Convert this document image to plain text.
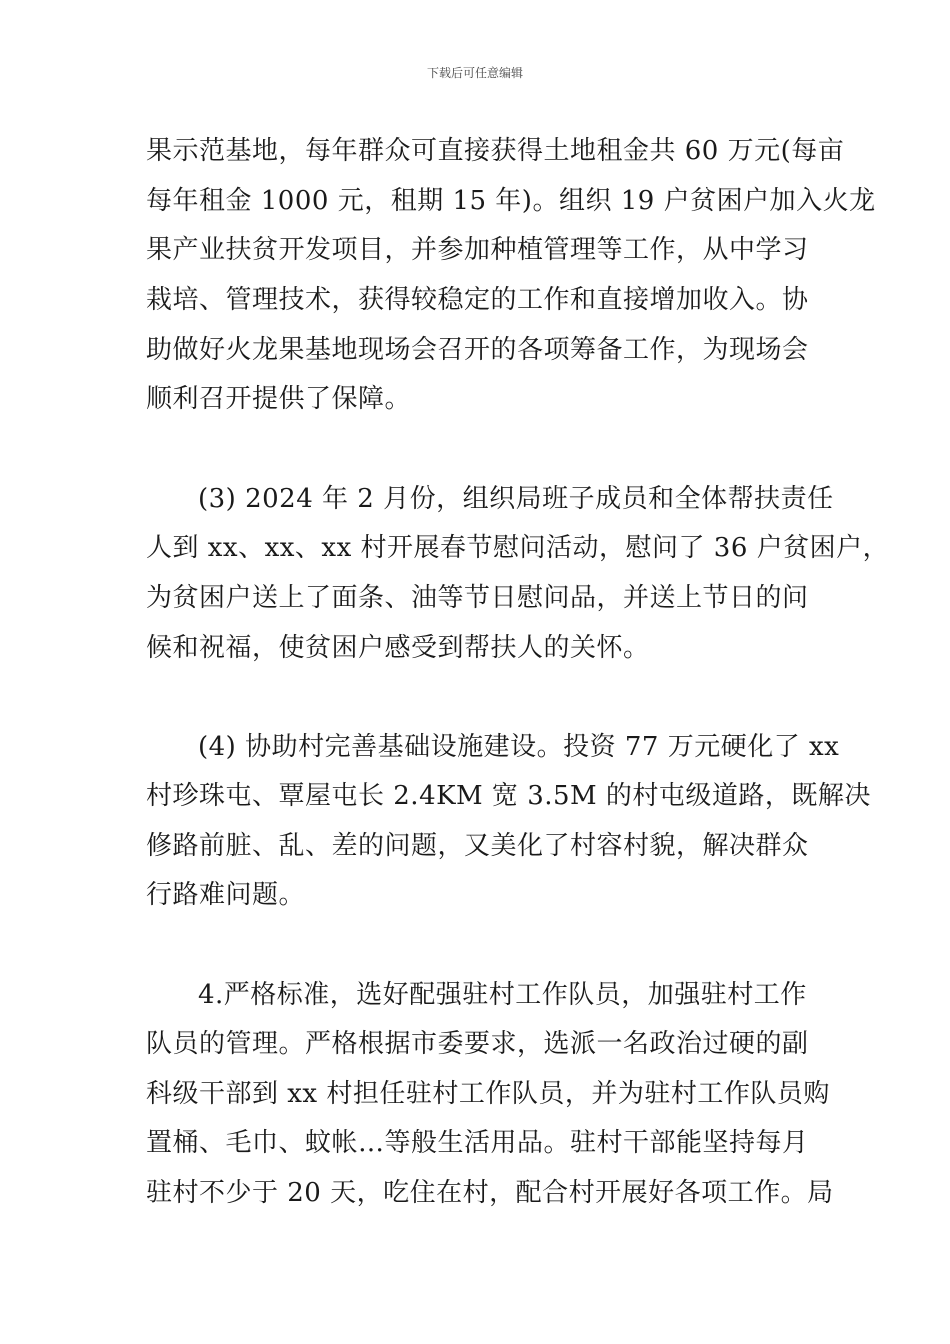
下载后可任意编辑
果示范基地，每年群众可直接获得土地租金共 60 万元(每亩
每年租金 1000 元，租期 15 年)。组织 19 户贫困户加入火龙
果产业扶贫开发项目，并参加种植管理等工作，从中学习
栽培、管理技术，获得较稳定的工作和直接增加收入。协
助做好火龙果基地现场会召开的各项筹备工作，为现场会
顺利召开提供了保障。
(3) 2024 年 2 月份，组织局班子成员和全体帮扶责任
人到 xx、xx、xx 村开展春节慰问活动，慰问了 36 户贫困户，
为贫困户送上了面条、油等节日慰问品，并送上节日的问
候和祝福，使贫困户感受到帮扶人的关怀。
(4) 协助村完善基础设施建设。投资 77 万元硬化了 xx
村珍珠屯、覃屋屯长 2.4KM 宽 3.5M 的村屯级道路，既解决
修路前脏、乱、差的问题，又美化了村容村貌，解决群众
行路难问题。
4.严格标准，选好配强驻村工作队员，加强驻村工作
队员的管理。严格根据市委要求，选派一名政治过硬的副
科级干部到 xx 村担任驻村工作队员，并为驻村工作队员购
置桶、毛巾、蚊帐…等般生活用品。驻村干部能坚持每月
驻村不少于 20 天，吃住在村，配合村开展好各项工作。局
